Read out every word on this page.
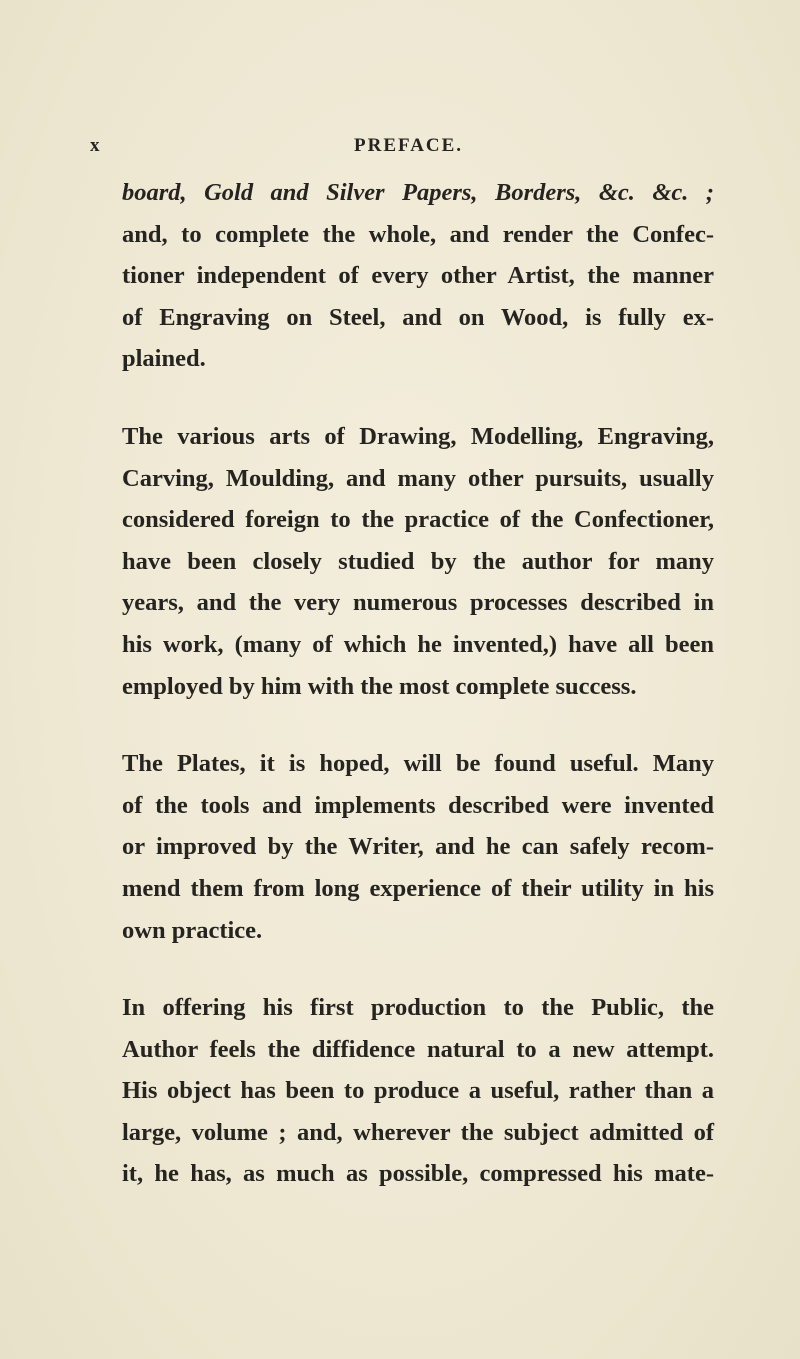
x	PREFACE.
board, Gold and Silver Papers, Borders, &c. &c. ;
and, to complete the whole, and render the Confec-
tioner independent of every other Artist, the manner
of Engraving on Steel, and on Wood, is fully ex-
plained.
The various arts of Drawing, Modelling, Engraving,
Carving, Moulding, and many other pursuits, usually
considered foreign to the practice of the Confectioner,
have been closely studied by the author for many
years, and the very numerous processes described in
his work, (many of which he invented,) have all been
employed by him with the most complete success.
The Plates, it is hoped, will be found useful. Many
of the tools and implements described were invented
or improved by the Writer, and he can safely recom-
mend them from long experience of their utility in his
own practice.
In offering his first production to the Public, the
Author feels the diffidence natural to a new attempt.
His object has been to produce a useful, rather than a
large, volume ; and, wherever the subject admitted of
it, he has, as much as possible, compressed his mate-
